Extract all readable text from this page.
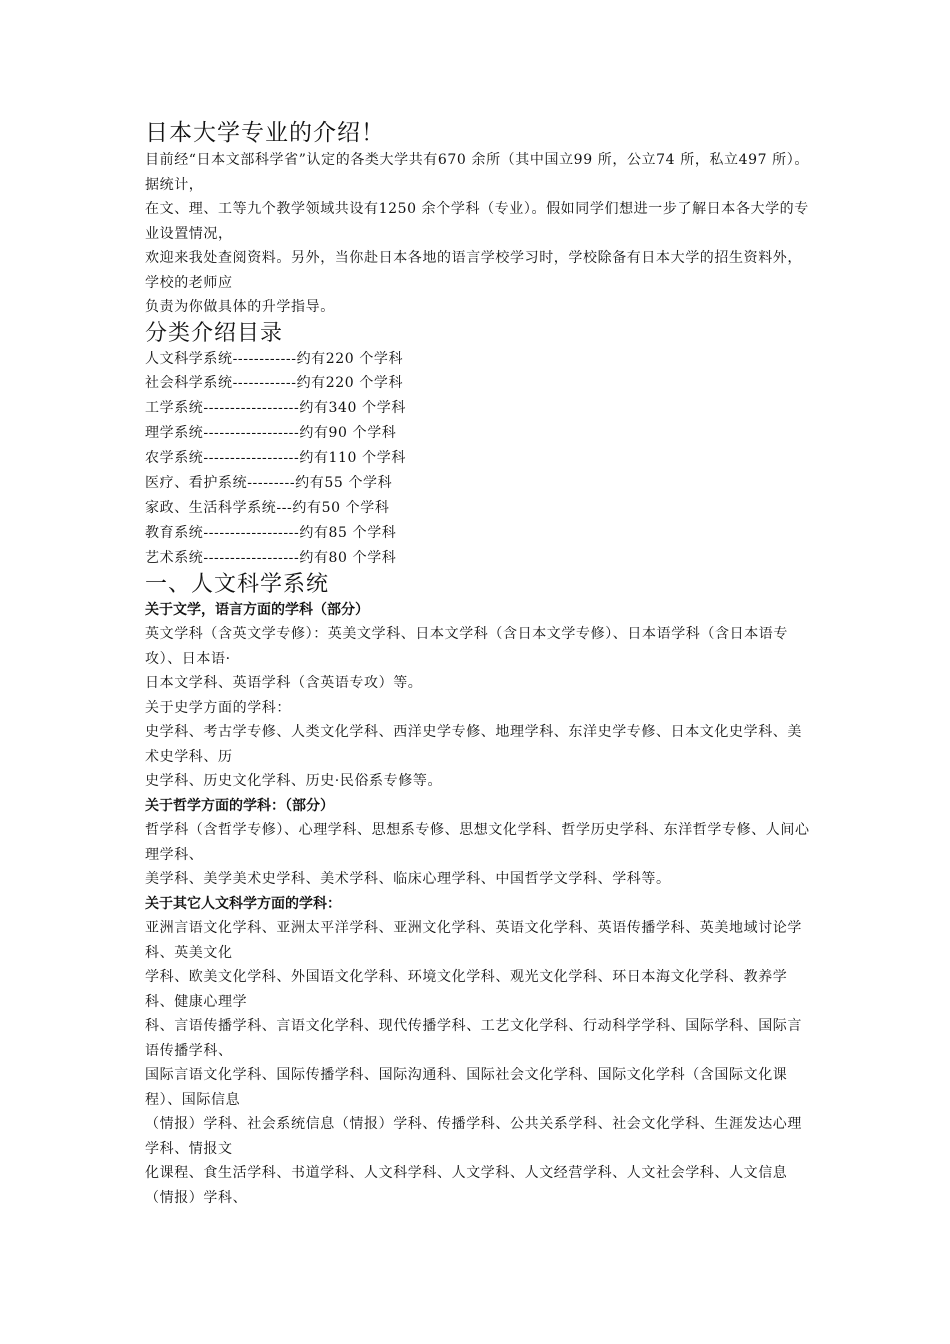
日本大学专业的介绍！

目前经“日本文部科学省”认定的各类大学共有670 余所（其中国立99 所，公立74 所，私立497 所）。据统计，

在文、理、工等九个教学领域共设有1250 余个学科（专业）。假如同学们想进一步了解日本各大学的专业设置情况，

欢迎来我处查阅资料。另外，当你赴日本各地的语言学校学习时，学校除备有日本大学的招生资料外，学校的老师应

负责为你做具体的升学指导。

分类介绍目录
人文科学系统------------约有220 个学科
社会科学系统------------约有220 个学科
工学系统------------------约有340 个学科
理学系统------------------约有90 个学科
农学系统------------------约有110 个学科
医疗、看护系统---------约有55 个学科
家政、生活科学系统---约有50 个学科
教育系统------------------约有85 个学科
艺术系统------------------约有80 个学科
一、人文科学系统
关于文学，语言方面的学科（部分）

英文学科（含英文学专修）：英美文学科、日本文学科（含日本文学专修）、日本语学科（含日本语专攻）、日本语·

日本文学科、英语学科（含英语专攻）等。

关于史学方面的学科：

史学科、考古学专修、人类文化学科、西洋史学专修、地理学科、东洋史学专修、日本文化史学科、美术史学科、历

史学科、历史文化学科、历史·民俗系专修等。

关于哲学方面的学科：（部分）

哲学科（含哲学专修）、心理学科、思想系专修、思想文化学科、哲学历史学科、东洋哲学专修、人间心理学科、

美学科、美学美术史学科、美术学科、临床心理学科、中国哲学文学科、学科等。

关于其它人文科学方面的学科：

亚洲言语文化学科、亚洲太平洋学科、亚洲文化学科、英语文化学科、英语传播学科、英美地域讨论学科、英美文化

学科、欧美文化学科、外国语文化学科、环境文化学科、观光文化学科、环日本海文化学科、教养学科、健康心理学

科、言语传播学科、言语文化学科、现代传播学科、工艺文化学科、行动科学学科、国际学科、国际言语传播学科、

国际言语文化学科、国际传播学科、国际沟通科、国际社会文化学科、国际文化学科（含国际文化课程）、国际信息

（情报）学科、社会系统信息（情报）学科、传播学科、公共关系学科、社会文化学科、生涯发达心理学科、情报文

化课程、食生活学科、书道学科、人文科学科、人文学科、人文经营学科、人文社会学科、人文信息（情报）学科、
